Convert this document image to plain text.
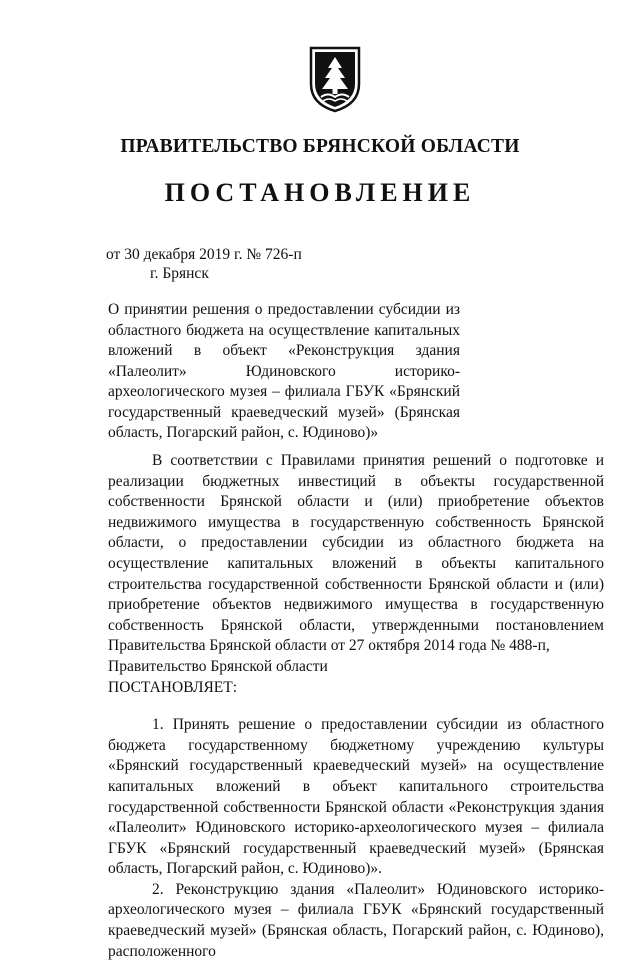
ПРАВИТЕЛЬСТВО БРЯНСКОЙ ОБЛАСТИ
ПОСТАНОВЛЕНИЕ
от 30 декабря 2019 г. № 726-п
г. Брянск
О принятии решения о предоставлении субсидии из областного бюджета на осуществление капитальных вложений в объект «Реконструкция здания «Палеолит» Юдиновского историко-археологического музея – филиала ГБУК «Брянский государственный краеведческий музей» (Брянская область, Погарский район, с. Юдиново)»

В соответствии с Правилами принятия решений о подготовке и реализации бюджетных инвестиций в объекты государственной собственности Брянской области и (или) приобретение объектов недвижимого имущества в государственную собственность Брянской области, о предоставлении субсидии из областного бюджета на осуществление капитальных вложений в объекты капитального строительства государственной собственности Брянской области и (или) приобретение объектов недвижимого имущества в государственную собственность Брянской области, утвержденными постановлением Правительства Брянской области от 27 октября 2014 года № 488-п,

Правительство Брянской области

ПОСТАНОВЛЯЕТ:

1. Принять решение о предоставлении субсидии из областного бюджета государственному бюджетному учреждению культуры «Брянский государственный краеведческий музей» на осуществление капитальных вложений в объект капитального строительства государственной собственности Брянской области «Реконструкция здания «Палеолит» Юдиновского историко-археологического музея – филиала ГБУК «Брянский государственный краеведческий музей» (Брянская область, Погарский район, с. Юдиново)».

2. Реконструкцию здания «Палеолит» Юдиновского историко-археологического музея – филиала ГБУК «Брянский государственный краеведческий музей» (Брянская область, Погарский район, с. Юдиново), расположенного
